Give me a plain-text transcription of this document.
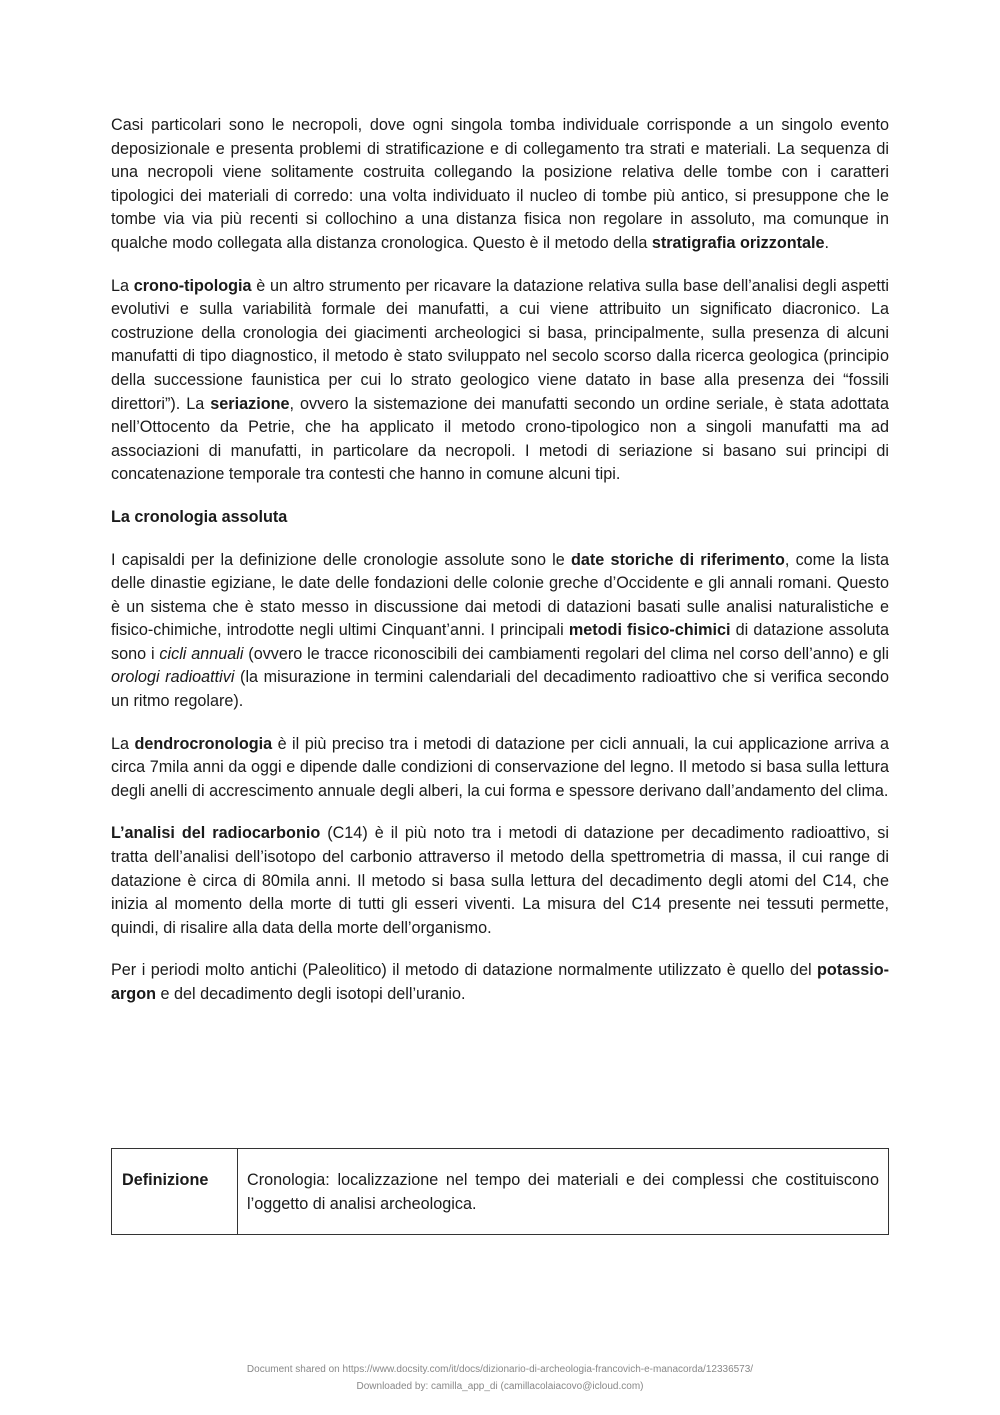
Casi particolari sono le necropoli, dove ogni singola tomba individuale corrisponde a un singolo evento deposizionale e presenta problemi di stratificazione e di collegamento tra strati e materiali. La sequenza di una necropoli viene solitamente costruita collegando la posizione relativa delle tombe con i caratteri tipologici dei materiali di corredo: una volta individuato il nucleo di tombe più antico, si presuppone che le tombe via via più recenti si collochino a una distanza fisica non regolare in assoluto, ma comunque in qualche modo collegata alla distanza cronologica. Questo è il metodo della stratigrafia orizzontale.

La crono-tipologia è un altro strumento per ricavare la datazione relativa sulla base dell’analisi degli aspetti evolutivi e sulla variabilità formale dei manufatti, a cui viene attribuito un significato diacronico. La costruzione della cronologia dei giacimenti archeologici si basa, principalmente, sulla presenza di alcuni manufatti di tipo diagnostico, il metodo è stato sviluppato nel secolo scorso dalla ricerca geologica (principio della successione faunistica per cui lo strato geologico viene datato in base alla presenza dei “fossili direttori”). La seriazione, ovvero la sistemazione dei manufatti secondo un ordine seriale, è stata adottata nell’Ottocento da Petrie, che ha applicato il metodo crono-tipologico non a singoli manufatti ma ad associazioni di manufatti, in particolare da necropoli. I metodi di seriazione si basano sui principi di concatenazione temporale tra contesti che hanno in comune alcuni tipi.

La cronologia assoluta

I capisaldi per la definizione delle cronologie assolute sono le date storiche di riferimento, come la lista delle dinastie egiziane, le date delle fondazioni delle colonie greche d’Occidente e gli annali romani. Questo è un sistema che è stato messo in discussione dai metodi di datazioni basati sulle analisi naturalistiche e fisico-chimiche, introdotte negli ultimi Cinquant’anni. I principali metodi fisico-chimici di datazione assoluta sono i cicli annuali (ovvero le tracce riconoscibili dei cambiamenti regolari del clima nel corso dell’anno) e gli orologi radioattivi (la misurazione in termini calendariali del decadimento radioattivo che si verifica secondo un ritmo regolare).

La dendrocronologia è il più preciso tra i metodi di datazione per cicli annuali, la cui applicazione arriva a circa 7mila anni da oggi e dipende dalle condizioni di conservazione del legno. Il metodo si basa sulla lettura degli anelli di accrescimento annuale degli alberi, la cui forma e spessore derivano dall’andamento del clima.

L’analisi del radiocarbonio (C14) è il più noto tra i metodi di datazione per decadimento radioattivo, si tratta dell’analisi dell’isotopo del carbonio attraverso il metodo della spettrometria di massa, il cui range di datazione è circa di 80mila anni. Il metodo si basa sulla lettura del decadimento degli atomi del C14, che inizia al momento della morte di tutti gli esseri viventi. La misura del C14 presente nei tessuti permette, quindi, di risalire alla data della morte dell’organismo.

Per i periodi molto antichi (Paleolitico) il metodo di datazione normalmente utilizzato è quello del potassio-argon e del decadimento degli isotopi dell’uranio.

Definizione	Cronologia: localizzazione nel tempo dei materiali e dei complessi che costituiscono l’oggetto di analisi archeologica.
Document shared on https://www.docsity.com/it/docs/dizionario-di-archeologia-francovich-e-manacorda/12336573/
Downloaded by: camilla_app_di (camillacolaiacovo@icloud.com)
